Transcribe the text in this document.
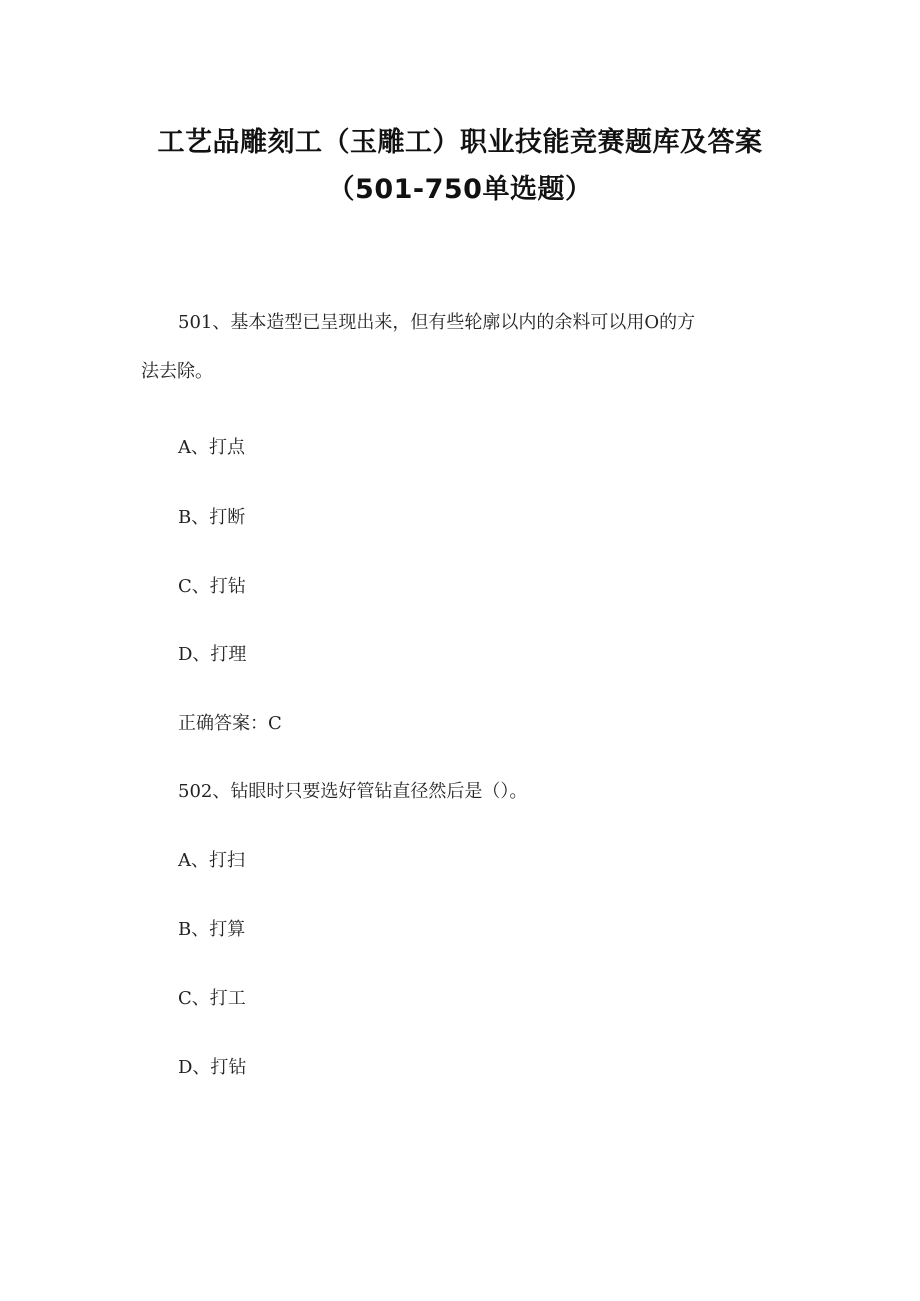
工艺品雕刻工（玉雕工）职业技能竞赛题库及答案
（501-750单选题）
501、基本造型已呈现出来，但有些轮廓以内的余料可以用O的方
法去除。
A、打点
B、打断
C、打钻
D、打理
正确答案：C
502、钻眼时只要选好管钻直径然后是（）。
A、打扫
B、打算
C、打工
D、打钻
